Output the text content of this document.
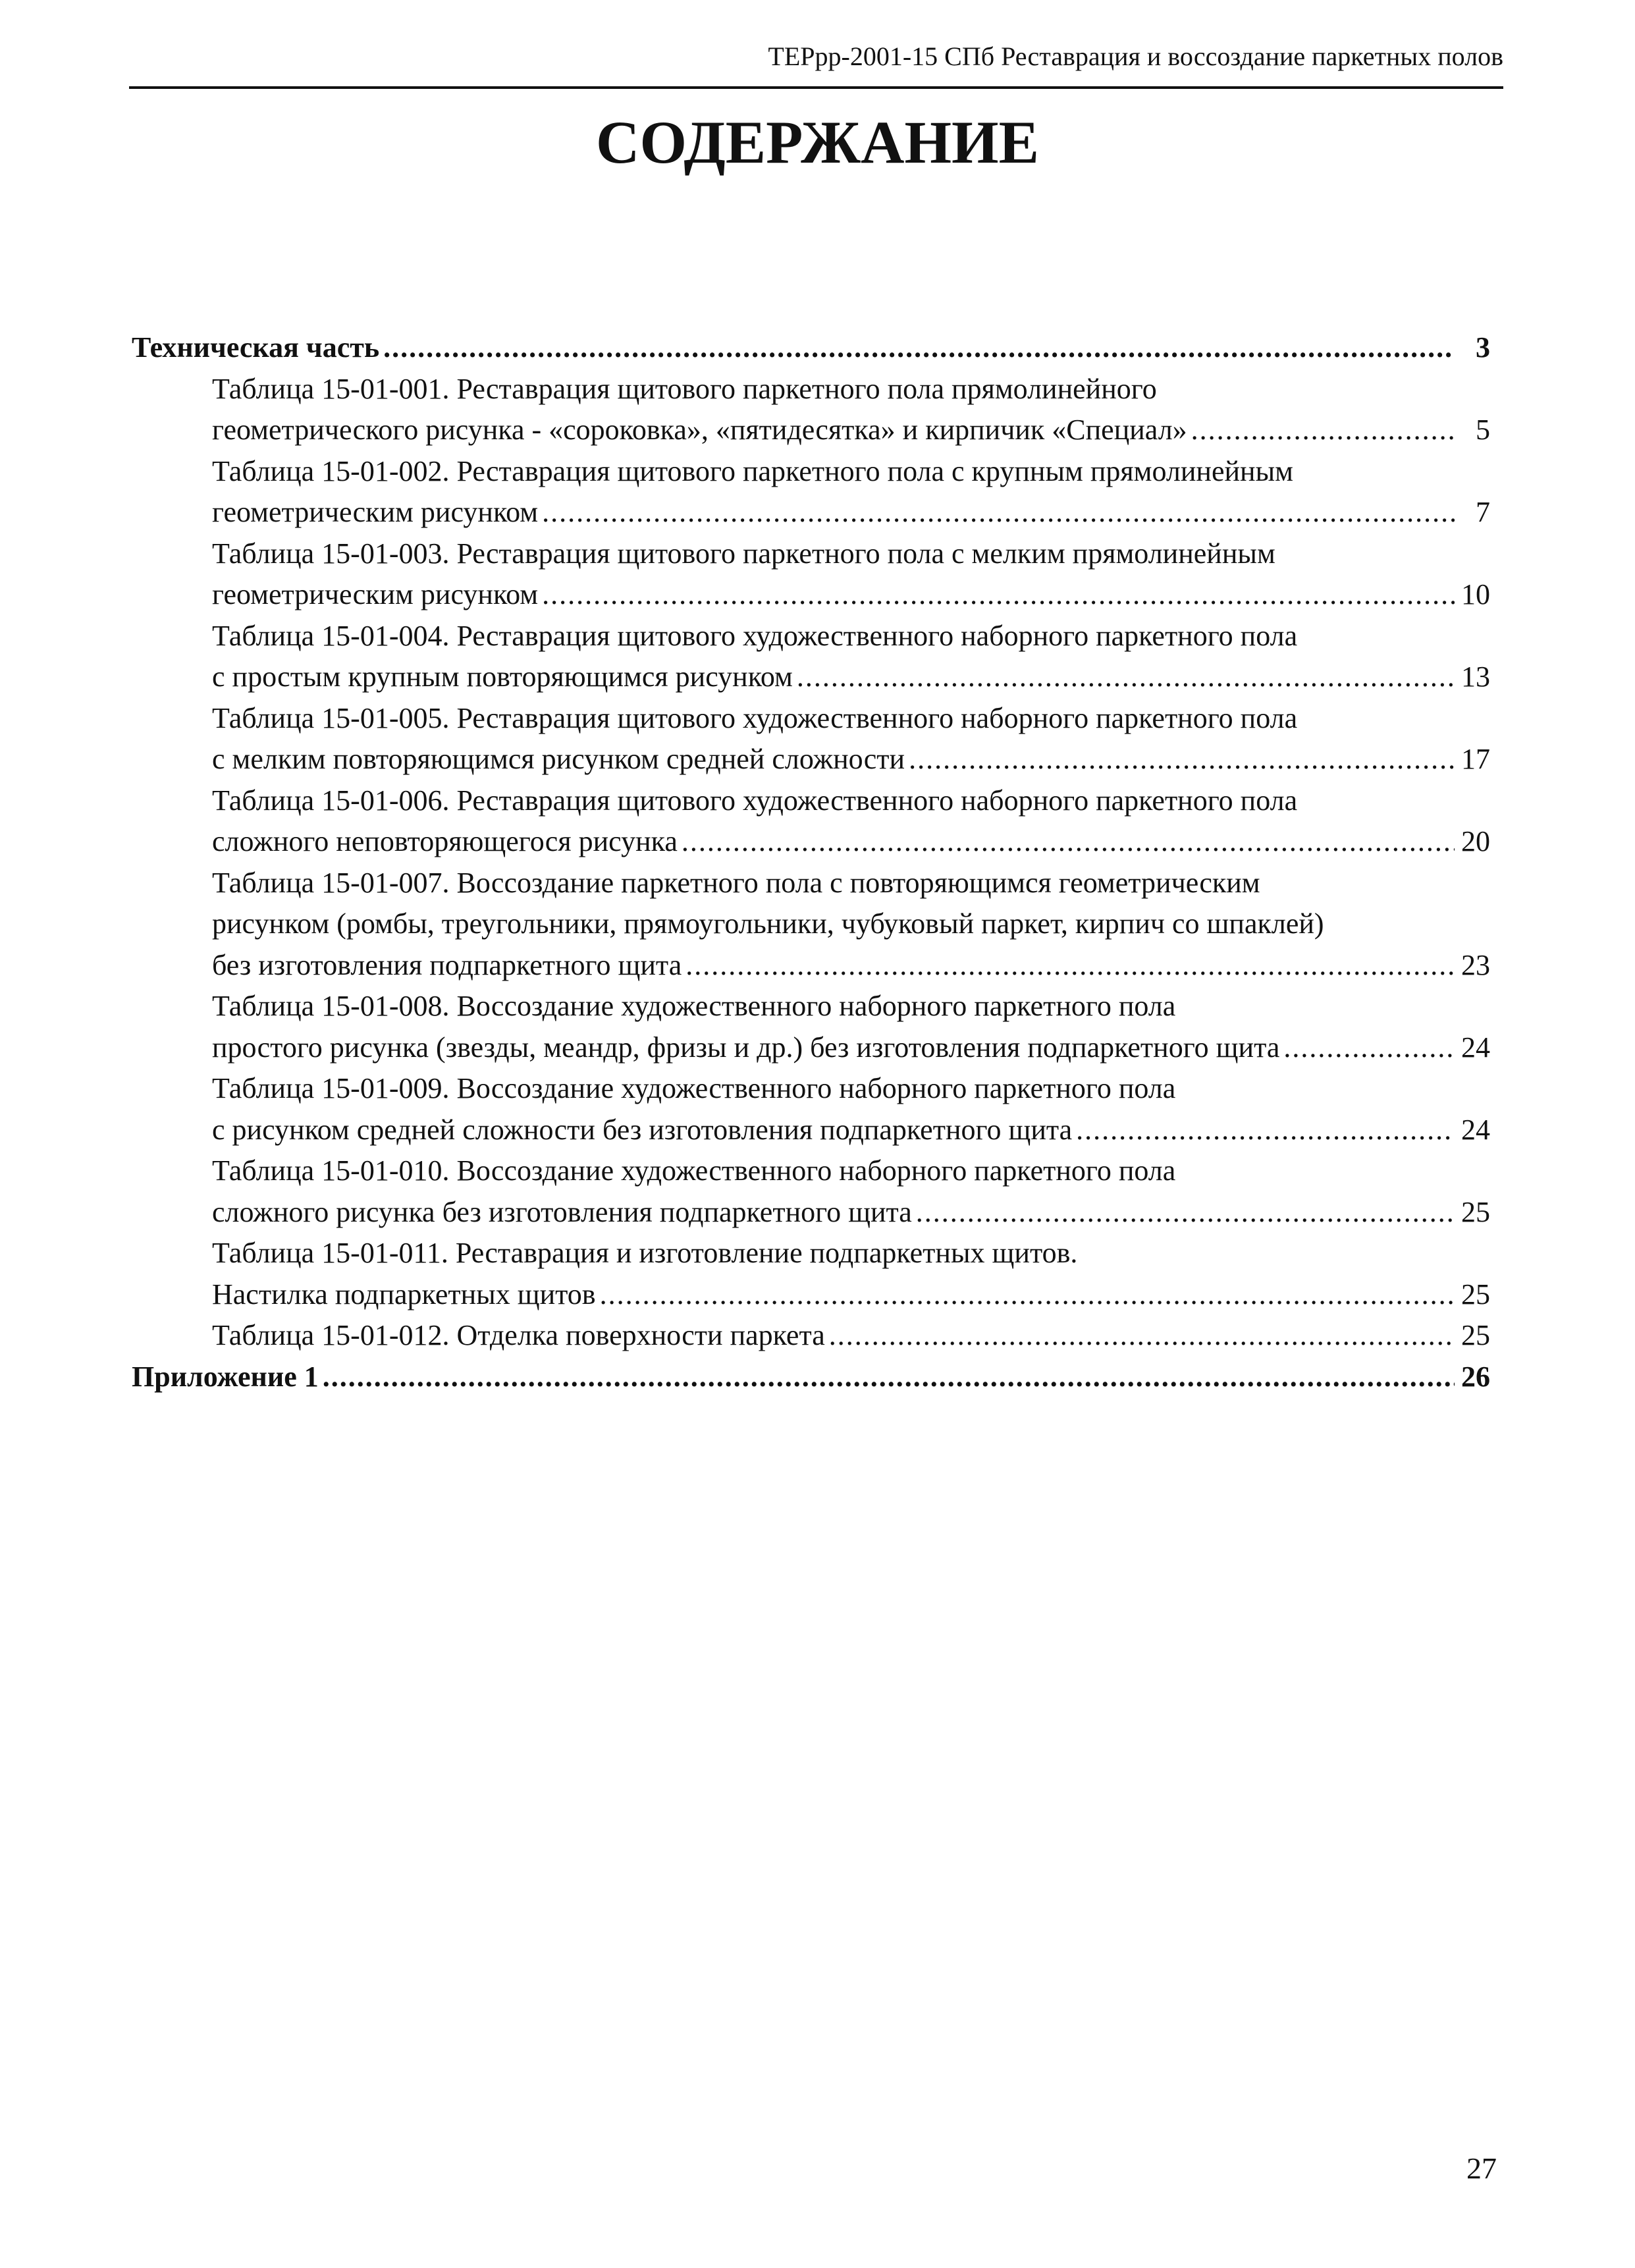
ТЕРрр-2001-15 СПб Реставрация и воссоздание паркетных полов
СОДЕРЖАНИЕ
Техническая часть .....	3
Таблица 15-01-001. Реставрация щитового паркетного пола прямолинейного
геометрического рисунка - «сороковка», «пятидесятка» и кирпичик «Специал» .....	5
Таблица 15-01-002. Реставрация щитового паркетного пола с крупным прямолинейным
геометрическим рисунком .....	7
Таблица 15-01-003. Реставрация щитового паркетного пола с мелким прямолинейным
геометрическим рисунком .....	10
Таблица 15-01-004. Реставрация щитового художественного наборного паркетного пола
с простым крупным повторяющимся рисунком .....	13
Таблица 15-01-005. Реставрация щитового художественного наборного паркетного пола
с мелким повторяющимся рисунком средней сложности .....	17
Таблица 15-01-006. Реставрация щитового художественного наборного паркетного пола
сложного неповторяющегося рисунка .....	20
Таблица 15-01-007. Воссоздание паркетного пола с повторяющимся геометрическим
рисунком (ромбы, треугольники, прямоугольники, чубуковый паркет, кирпич со шпаклей)
без изготовления подпаркетного щита .....	23
Таблица 15-01-008. Воссоздание художественного наборного паркетного пола
простого рисунка (звезды, меандр, фризы и др.) без изготовления подпаркетного щита .....	24
Таблица 15-01-009. Воссоздание художественного наборного паркетного пола
с рисунком средней сложности без изготовления подпаркетного щита .....	24
Таблица 15-01-010. Воссоздание художественного наборного паркетного пола
сложного рисунка без изготовления подпаркетного щита .....	25
Таблица 15-01-011. Реставрация и изготовление подпаркетных щитов.
Настилка подпаркетных щитов .....	25
Таблица 15-01-012. Отделка поверхности паркета .....	25
Приложение 1 .....	26
27
